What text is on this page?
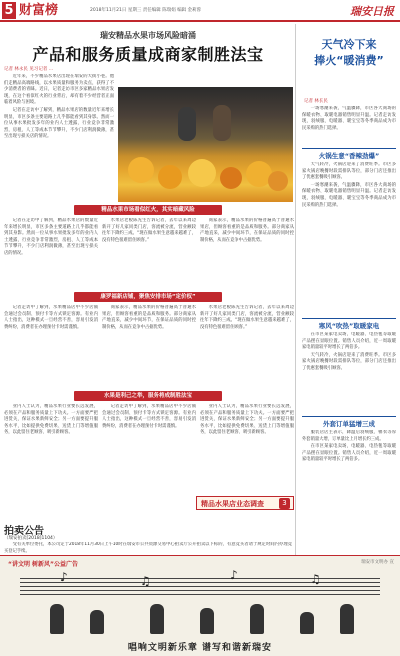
5 财富榜	2018年11月21日 星期三 责任编辑 陈瑞娟 编辑 金莉蓉	瑞安日报
瑞安精品水果市场风险暗涌
产品和服务质量成商家制胜法宝
记者 林永民 见习记者 ...

近年来，不少精品水果店出现在瑞安的大街小巷。他们走精品高端路线，以水果质量和服务为卖点，获得了不少消费者的青睐。近日，记者走访市区多家精品水果店发现，在这个看似红火的行业背后，却有着不少经营者正面临着风险与困境。

记者在走访中了解到，精品水果店的数量近年来增长明显，市区多条主要道路上几乎都能看到其身影。然而一位从事水果批发多年的业内人士透露，行业竞争非常激烈，房租、人工等成本节节攀升，不少门店利润微薄，甚至出现亏损关店的情况。

精品水果市场看似红火，其实暗藏风险

记者在走访中了解到，精品水果店的数量近年来增长明显，市区多条主要道路上几乎都能看到其身影。然而一位从事水果批发多年的业内人士透露，行业竞争非常激烈，房租、人工等成本节节攀升，不少门店利润微薄，甚至出现亏损关店的情况。

水果店老板陈先生告诉记者，去年以来周边新开了好几家同类门店，客流被分流，营业额较往年下降约三成。“现在做水果生意越来越难了，没有特色很难留住顾客。”

商家表示，精品水果的价格普遍高于普通水果店，但顾客看重的是品质和服务。部分商家从产地直采，减少中间环节，在保证品质的同时控制价格，从而在竞争中占据优势。

康罗福新店铺，聚焦安排市场“定价权”

记者走访中了解到，水果精品店中不少店铺会通过会员制、预付卡等方式锁定客源。有业内人士指出，这种模式一旦经营不善，容易引发消费纠纷，消费者在办理预付卡时需谨慎。

商家表示，精品水果的价格普遍高于普通水果店，但顾客看重的是品质和服务。部分商家从产地直采，减少中间环节，在保证品质的同时控制价格，从而在竞争中占据优势。

水果店老板陈先生告诉记者，去年以来周边新开了好几家同类门店，客流被分流，营业额较往年下降约三成。“现在做水果生意越来越难了，没有特色很难留住顾客。”

水果是利己之举，服务将成制胜法宝

业内人士认为，精品水果行业要长远发展，必须在产品和服务质量上下功夫。一方面要严把进货关，保证水果新鲜安全；另一方面要提升服务水平，比如提供免费切果、送货上门等增值服务，以此留住老顾客、吸引新顾客。

记者走访中了解到，水果精品店中不少店铺会通过会员制、预付卡等方式锁定客源。有业内人士指出，这种模式一旦经营不善，容易引发消费纠纷，消费者在办理预付卡时需谨慎。

业内人士认为，精品水果行业要长远发展，必须在产品和服务质量上下功夫。一方面要严把进货关，保证水果新鲜安全；另一方面要提升服务水平，比如提供免费切果、送货上门等增值服务，以此留住老顾客、吸引新顾客。

精品水果店业态调查	3
拍卖公告
（瑞安拍卖[2018]1104）

受有关单位委托，本公司定于2018年11月30日上午10时在瑞安市公共资源交易中心拍卖厅公开拍卖以下标的，有意竞买者请于规定时间内办理竞买登记手续。

天气冷下来
捧火“暖消费”
记者 林长民

一场寒潮来袭，气温骤降，市区各大商场的保暖衣物、取暖电器销售明显升温。记者走访发现，羽绒服、电暖器、暖宝宝等冬季商品成为市民采购的热门选择。

火锅生意“香辣劲爆”

天气转冷，火锅店迎来了消费旺季。市区多家火锅店晚餐时段需排队等位，部分门店还推出了优惠套餐吸引顾客。

一场寒潮来袭，气温骤降，市区各大商场的保暖衣物、取暖电器销售明显升温。记者走访发现，羽绒服、电暖器、暖宝宝等冬季商品成为市民采购的热门选择。

寒风“吹热”取暖家电

在市区某家电卖场，电暖器、电热毯等取暖产品摆在显眼位置。销售人员介绍，近一周取暖家电销量较平时增长了两倍多。

天气转冷，火锅店迎来了消费旺季。市区多家火锅店晚餐时段需排队等位，部分门店还推出了优惠套餐吸引顾客。

外套订单猛增三成

服装店店主表示，降温后羽绒服、棉衣等厚外套销量大增，订单量比上月增长约三成。

在市区某家电卖场，电暖器、电热毯等取暖产品摆在显眼位置。销售人员介绍，近一周取暖家电销量较平时增长了两倍多。

“讲文明 树新风”公益广告	瑞安市文明办 宣
♪	♫	♪	♫
唱响文明新乐章 谱写和谐新瑞安
